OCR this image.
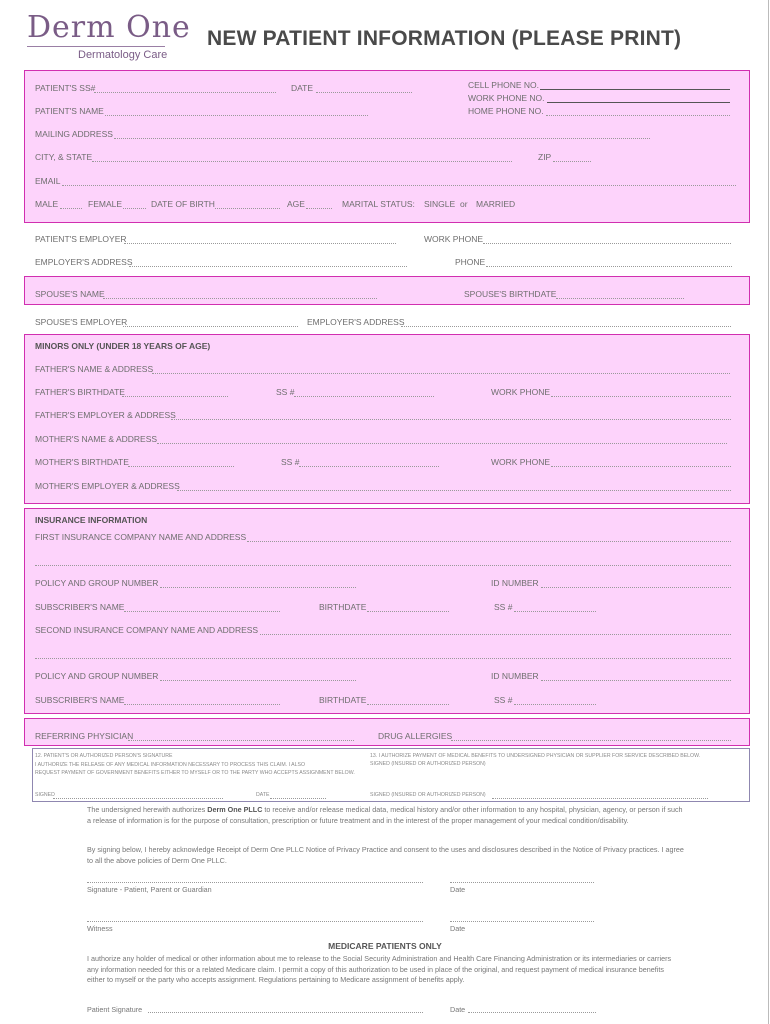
Derm One
Dermatology Care
NEW PATIENT INFORMATION (PLEASE PRINT)
PATIENT'S SS#	DATE	CELL PHONE NO.
WORK PHONE NO.
HOME PHONE NO.
PATIENT'S NAME
MAILING ADDRESS
CITY, & STATE	ZIP
EMAIL
MALE	FEMALE	DATE OF BIRTH	AGE	MARITAL STATUS: SINGLE or MARRIED
PATIENT'S EMPLOYER	WORK PHONE
EMPLOYER'S ADDRESS	PHONE
SPOUSE'S NAME	SPOUSE'S BIRTHDATE
SPOUSE'S EMPLOYER	EMPLOYER'S ADDRESS
MINORS ONLY (UNDER 18 YEARS OF AGE)
FATHER'S NAME & ADDRESS
FATHER'S BIRTHDATE	SS #	WORK PHONE
FATHER'S EMPLOYER & ADDRESS
MOTHER'S NAME & ADDRESS
MOTHER'S BIRTHDATE	SS #	WORK PHONE
MOTHER'S EMPLOYER & ADDRESS
INSURANCE INFORMATION
FIRST INSURANCE COMPANY NAME AND ADDRESS
POLICY AND GROUP NUMBER	ID NUMBER
SUBSCRIBER'S NAME	BIRTHDATE	SS #
SECOND INSURANCE COMPANY NAME AND ADDRESS
POLICY AND GROUP NUMBER	ID NUMBER
SUBSCRIBER'S NAME	BIRTHDATE	SS #
REFERRING PHYSICIAN	DRUG ALLERGIES
12. PATIENT'S OR AUTHORIZED PERSON'S SIGNATURE
I AUTHORIZE THE RELEASE OF ANY MEDICAL INFORMATION NECESSARY TO PROCESS THIS CLAIM. I ALSO
REQUEST PAYMENT OF GOVERNMENT BENEFITS EITHER TO MYSELF OR TO THE PARTY WHO ACCEPTS ASSIGNMENT BELOW.
13. I AUTHORIZE PAYMENT OF MEDICAL BENEFITS TO UNDERSIGNED PHYSICIAN OR SUPPLIER FOR SERVICE DESCRIBED BELOW.
SIGNED (INSURED OR AUTHORIZED PERSON)
SIGNED	DATE	SIGNED (INSURED OR AUTHORIZED PERSON)
The undersigned herewith authorizes Derm One PLLC to receive and/or release medical data, medical history and/or other information to any hospital, physician, agency, or person if such a release of information is for the purpose of consultation, prescription or future treatment and in the interest of the proper management of your medical condition/disability.
By signing below, I hereby acknowledge Receipt of Derm One PLLC Notice of Privacy Practice and consent to the uses and disclosures described in the Notice of Privacy practices. I agree to all the above policies of Derm One PLLC.
Signature - Patient, Parent or Guardian	Date
Witness	Date
MEDICARE PATIENTS ONLY
I authorize any holder of medical or other information about me to release to the Social Security Administration and Health Care Financing Administration or its intermediaries or carriers any information needed for this or a related Medicare claim. I permit a copy of this authorization to be used in place of the original, and request payment of medical insurance benefits either to myself or the party who accepts assignment. Regulations pertaining to Medicare assignment of benefits apply.
Patient Signature	Date
